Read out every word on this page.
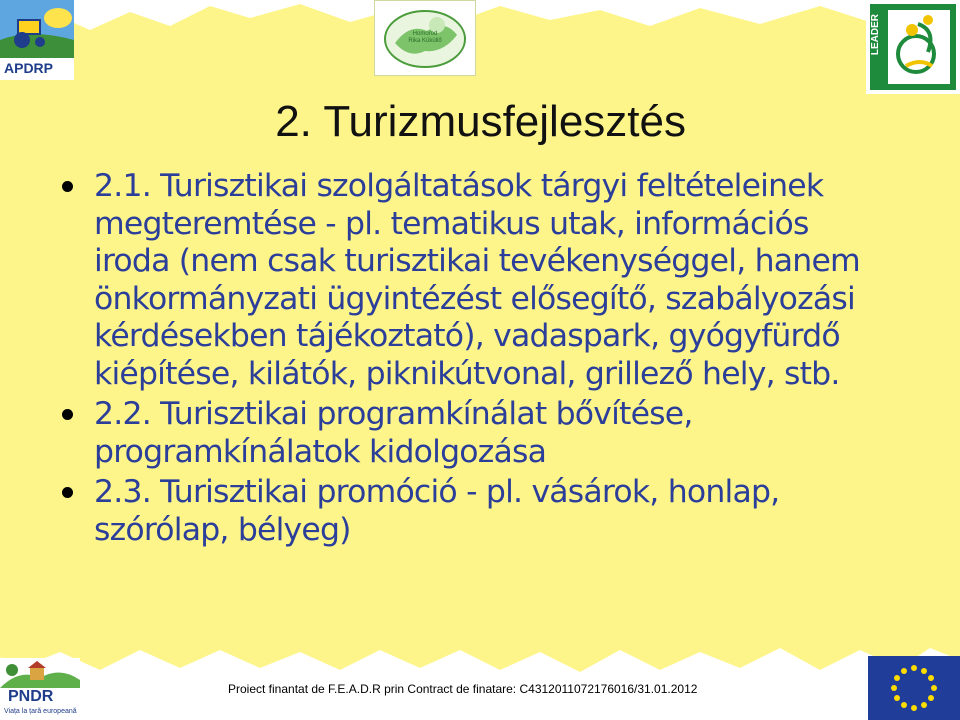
APDRP
Homorod Rika Küküllő	LEADER
2. Turizmusfejlesztés
2.1. Turisztikai szolgáltatások tárgyi feltételeinek megteremtése - pl. tematikus utak, információs iroda (nem csak turisztikai tevékenységgel, hanem önkormányzati ügyintézést elősegítő, szabályozási kérdésekben tájékoztató), vadaspark, gyógyfürdő kiépítése, kilátók, piknikútvonal, grillező hely, stb.
2.2. Turisztikai programkínálat bővítése, programkínálatok kidolgozása
2.3. Turisztikai promóció - pl. vásárok, honlap, szórólap, bélyeg)
PNDR
Viața la țară europeană
Proiect finantat de F.E.A.D.R prin Contract de finatare: C4312011072176016/31.01.2012
